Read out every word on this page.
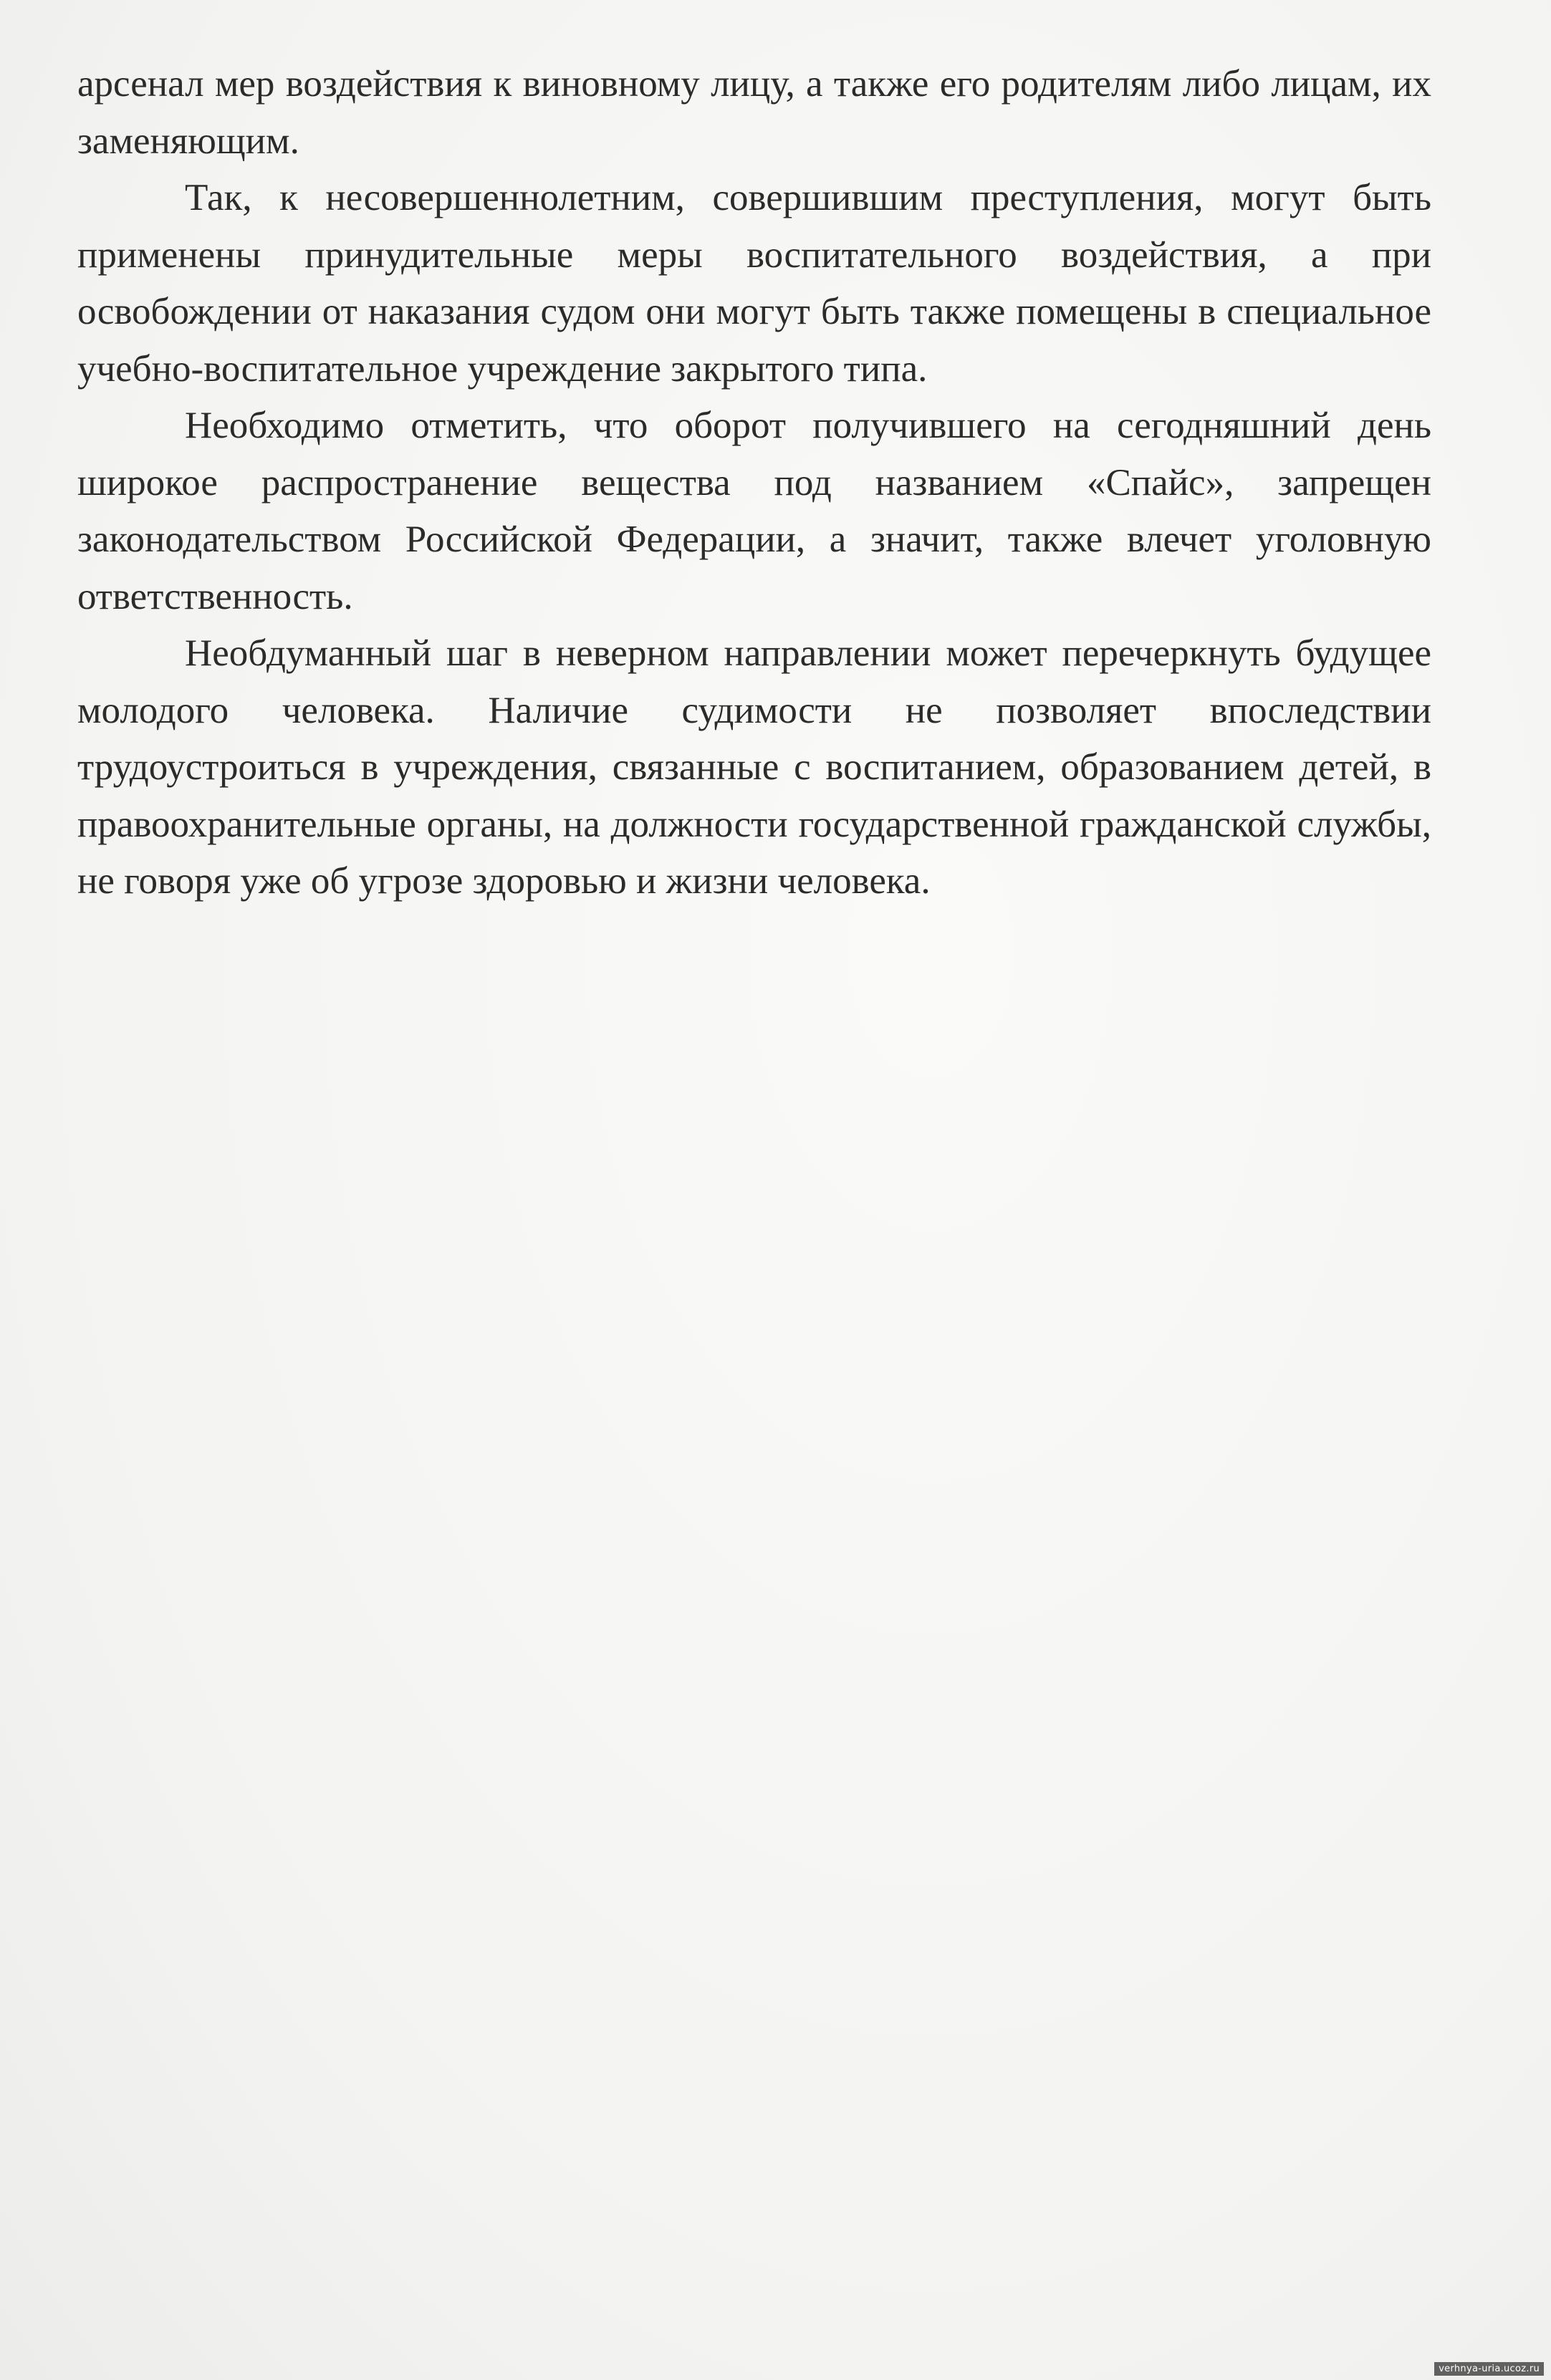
арсенал мер воздействия к виновному лицу, а также его родителям либо лицам, их заменяющим.

Так, к несовершеннолетним, совершившим преступления, могут быть применены принудительные меры воспитательного воздействия, а при освобождении от наказания судом они могут быть также помещены в специальное учебно-воспитательное учреждение закрытого типа.

Необходимо отметить, что оборот получившего на сегодняшний день широкое распространение вещества под названием «Спайс», запрещен законодательством Российской Федерации, а значит, также влечет уголовную ответственность.

Необдуманный шаг в неверном направлении может перечеркнуть будущее молодого человека. Наличие судимости не позволяет впоследствии трудоустроиться в учреждения, связанные с воспитанием, образованием детей, в правоохранительные органы, на должности государственной гражданской службы, не говоря уже об угрозе здоровью и жизни человека.

verhnya-uria.ucoz.ru
